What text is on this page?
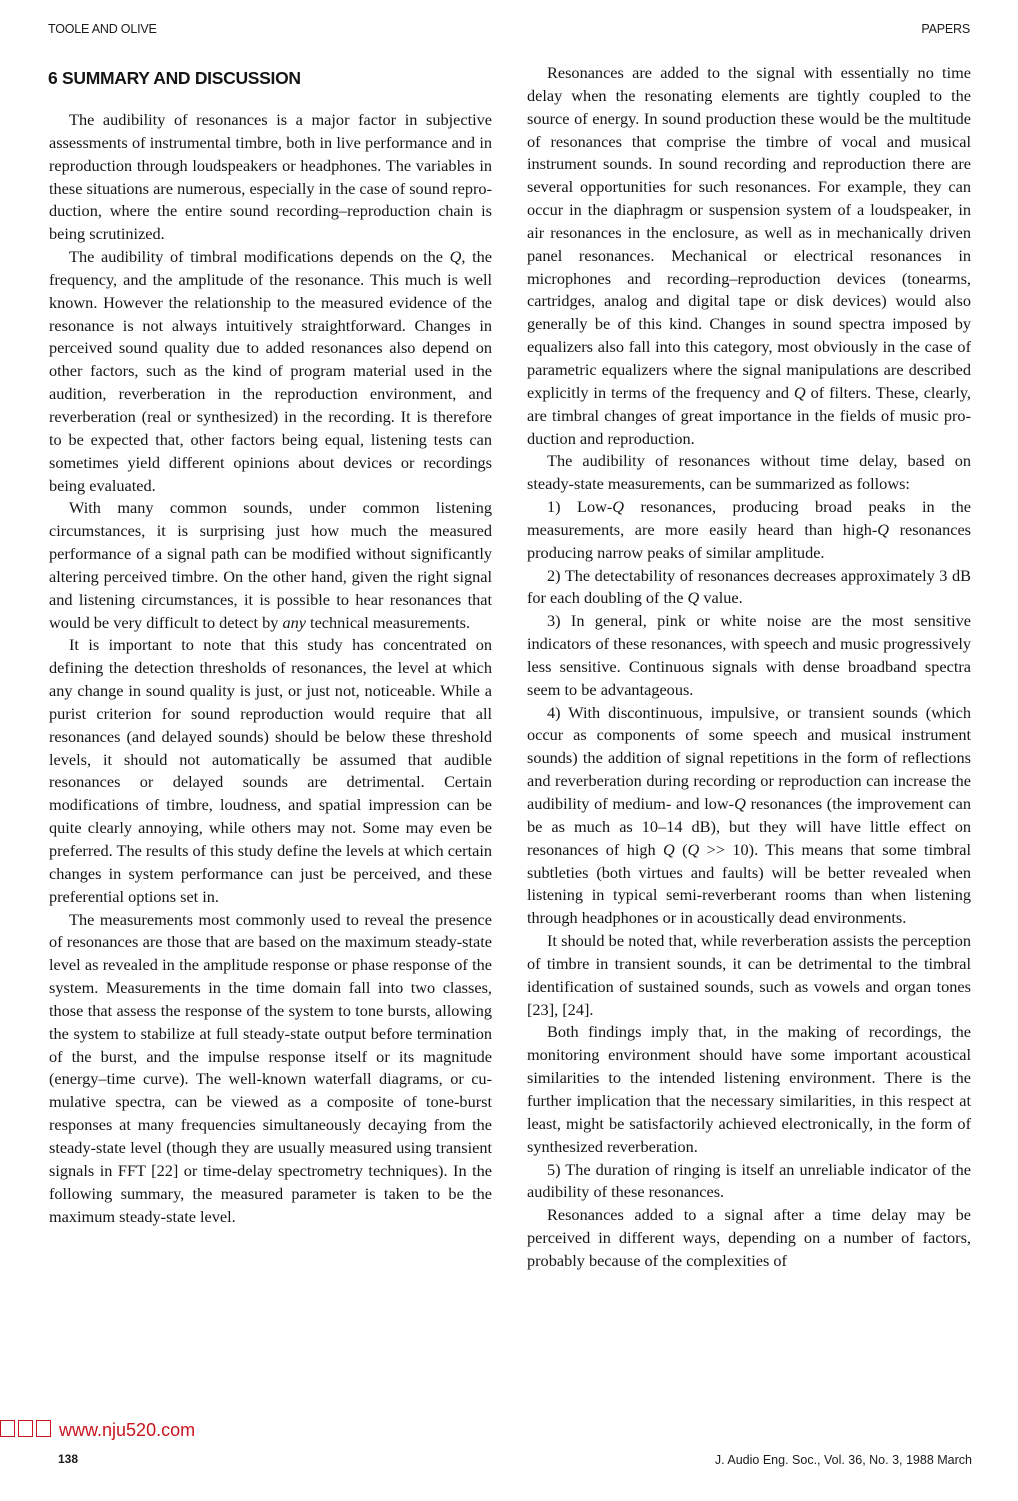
TOOLE AND OLIVE	PAPERS
6 SUMMARY AND DISCUSSION

The audibility of resonances is a major factor in subjective assessments of instrumental timbre, both in live performance and in reproduction through loudspeakers or headphones. The variables in these situations are numerous, especially in the case of sound reproduction, where the entire sound recording–reproduction chain is being scrutinized.

The audibility of timbral modifications depends on the Q, the frequency, and the amplitude of the resonance. This much is well known. However the relationship to the measured evidence of the resonance is not always intuitively straightforward. Changes in perceived sound quality due to added resonances also depend on other factors, such as the kind of program material used in the audition, reverberation in the reproduction environment, and reverberation (real or synthesized) in the recording. It is therefore to be expected that, other factors being equal, listening tests can sometimes yield different opinions about devices or recordings being evaluated.

With many common sounds, under common listening circumstances, it is surprising just how much the measured performance of a signal path can be modified without significantly altering perceived timbre. On the other hand, given the right signal and listening circumstances, it is possible to hear resonances that would be very difficult to detect by any technical measurements.

It is important to note that this study has concentrated on defining the detection thresholds of resonances, the level at which any change in sound quality is just, or just not, noticeable. While a purist criterion for sound reproduction would require that all resonances (and delayed sounds) should be below these threshold levels, it should not automatically be assumed that audible resonances or delayed sounds are detrimental. Certain modifications of timbre, loudness, and spatial impression can be quite clearly annoying, while others may not. Some may even be preferred. The results of this study define the levels at which certain changes in system performance can just be perceived, and these preferential options set in.

The measurements most commonly used to reveal the presence of resonances are those that are based on the maximum steady-state level as revealed in the amplitude response or phase response of the system. Measurements in the time domain fall into two classes, those that assess the response of the system to tone bursts, allowing the system to stabilize at full steady-state output before termination of the burst, and the impulse response itself or its magnitude (energy–time curve). The well-known waterfall diagrams, or cumulative spectra, can be viewed as a composite of tone-burst responses at many frequencies simultaneously decaying from the steady-state level (though they are usually measured using transient signals in FFT [22] or time-delay spectrometry techniques). In the following summary, the measured parameter is taken to be the maximum steady-state level.

Resonances are added to the signal with essentially no time delay when the resonating elements are tightly coupled to the source of energy. In sound production these would be the multitude of resonances that comprise the timbre of vocal and musical instrument sounds. In sound recording and reproduction there are several opportunities for such resonances. For example, they can occur in the diaphragm or suspension system of a loudspeaker, in air resonances in the enclosure, as well as in mechanically driven panel resonances. Mechanical or electrical resonances in microphones and recording–reproduction devices (tonearms, cartridges, analog and digital tape or disk devices) would also generally be of this kind. Changes in sound spectra imposed by equalizers also fall into this category, most obviously in the case of parametric equalizers where the signal manipulations are described explicitly in terms of the frequency and Q of filters. These, clearly, are timbral changes of great importance in the fields of music production and reproduction.

The audibility of resonances without time delay, based on steady-state measurements, can be summarized as follows:

1) Low-Q resonances, producing broad peaks in the measurements, are more easily heard than high-Q resonances producing narrow peaks of similar amplitude.

2) The detectability of resonances decreases approximately 3 dB for each doubling of the Q value.

3) In general, pink or white noise are the most sensitive indicators of these resonances, with speech and music progressively less sensitive. Continuous signals with dense broadband spectra seem to be advantageous.

4) With discontinuous, impulsive, or transient sounds (which occur as components of some speech and musical instrument sounds) the addition of signal repetitions in the form of reflections and reverberation during recording or reproduction can increase the audibility of medium- and low-Q resonances (the improvement can be as much as 10–14 dB), but they will have little effect on resonances of high Q (Q >> 10). This means that some timbral subtleties (both virtues and faults) will be better revealed when listening in typical semi-reverberant rooms than when listening through headphones or in acoustically dead environments.

It should be noted that, while reverberation assists the perception of timbre in transient sounds, it can be detrimental to the timbral identification of sustained sounds, such as vowels and organ tones [23], [24].

Both findings imply that, in the making of recordings, the monitoring environment should have some important acoustical similarities to the intended listening environment. There is the further implication that the necessary similarities, in this respect at least, might be satisfactorily achieved electronically, in the form of synthesized reverberation.

5) The duration of ringing is itself an unreliable indicator of the audibility of these resonances.

Resonances added to a signal after a time delay may be perceived in different ways, depending on a number of factors, probably because of the complexities of

www.nju520.com
138	J. Audio Eng. Soc., Vol. 36, No. 3, 1988 March
